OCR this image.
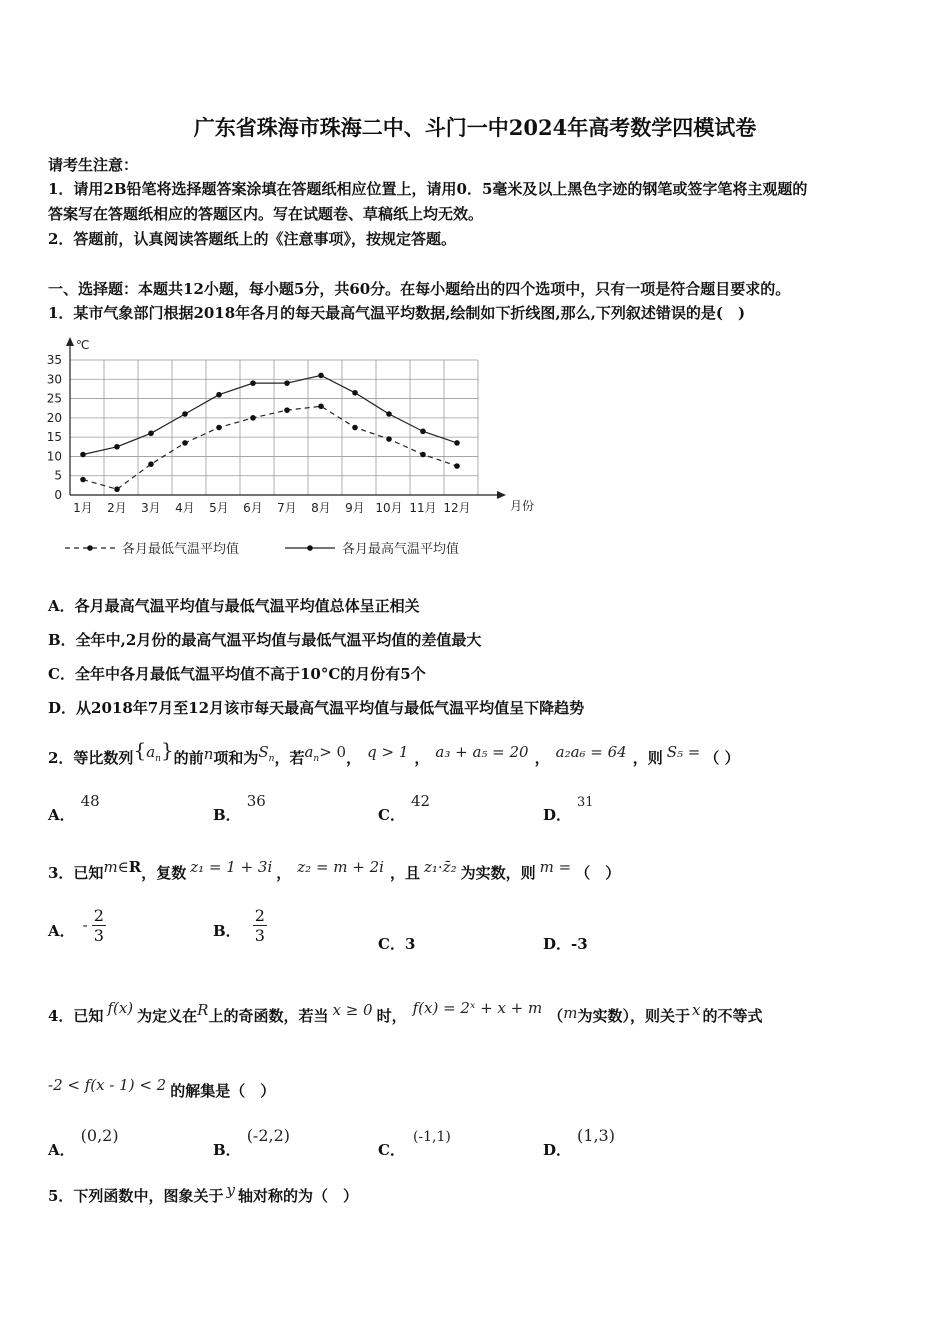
广东省珠海市珠海二中、斗门一中2024年高考数学四模试卷
请考生注意：
1．请用2B铅笔将选择题答案涂填在答题纸相应位置上，请用0．5毫米及以上黑色字迹的钢笔或签字笔将主观题的
答案写在答题纸相应的答题区内。写在试题卷、草稿纸上均无效。
2．答题前，认真阅读答题纸上的《注意事项》，按规定答题。
一、选择题：本题共12小题，每小题5分，共60分。在每小题给出的四个选项中，只有一项是符合题目要求的。
1．某市气象部门根据2018年各月的每天最高气温平均数据,绘制如下折线图,那么,下列叙述错误的是(　)
0
5
10
15
20
25
30
35
℃
月份
1月 2月 3月 4月 5月 6月 7月 8月 9月 10月 11月 12月
各月最低气温平均值	各月最高气温平均值
A．各月最高气温平均值与最低气温平均值总体呈正相关
B．全年中,2月份的最高气温平均值与最低气温平均值的差值最大
C．全年中各月最低气温平均值不高于10°C的月份有5个
D．从2018年7月至12月该市每天最高气温平均值与最低气温平均值呈下降趋势
2．等比数列$\{a_n\}$的前n项和为$S_n$，若$a_n> 0$， q > 1 ， a₃ + a₅ = 20 ， a₂a₆ = 64 ，则 S₅ = （ ）
A．48
B．36
C．42
D．31
3．已知m∈R，复数 z₁ = 1 + 3i ， z₂ = m + 2i ，且 z₁·z̄₂ 为实数，则 m = （　）
A． - $\frac{2}{3}$	B． $\frac{2}{3}$	C．3	D．-3
4．已知 f(x) 为定义在R上的奇函数，若当 x ≥ 0 时， f(x) = 2ˣ + x + m （m为实数），则关于 x 的不等式
-2 < f(x - 1) < 2 的解集是（　）
A．(0,2)
B．(-2,2)
C．(-1,1)
D．(1,3)
5．下列函数中，图象关于 y 轴对称的为（　）
